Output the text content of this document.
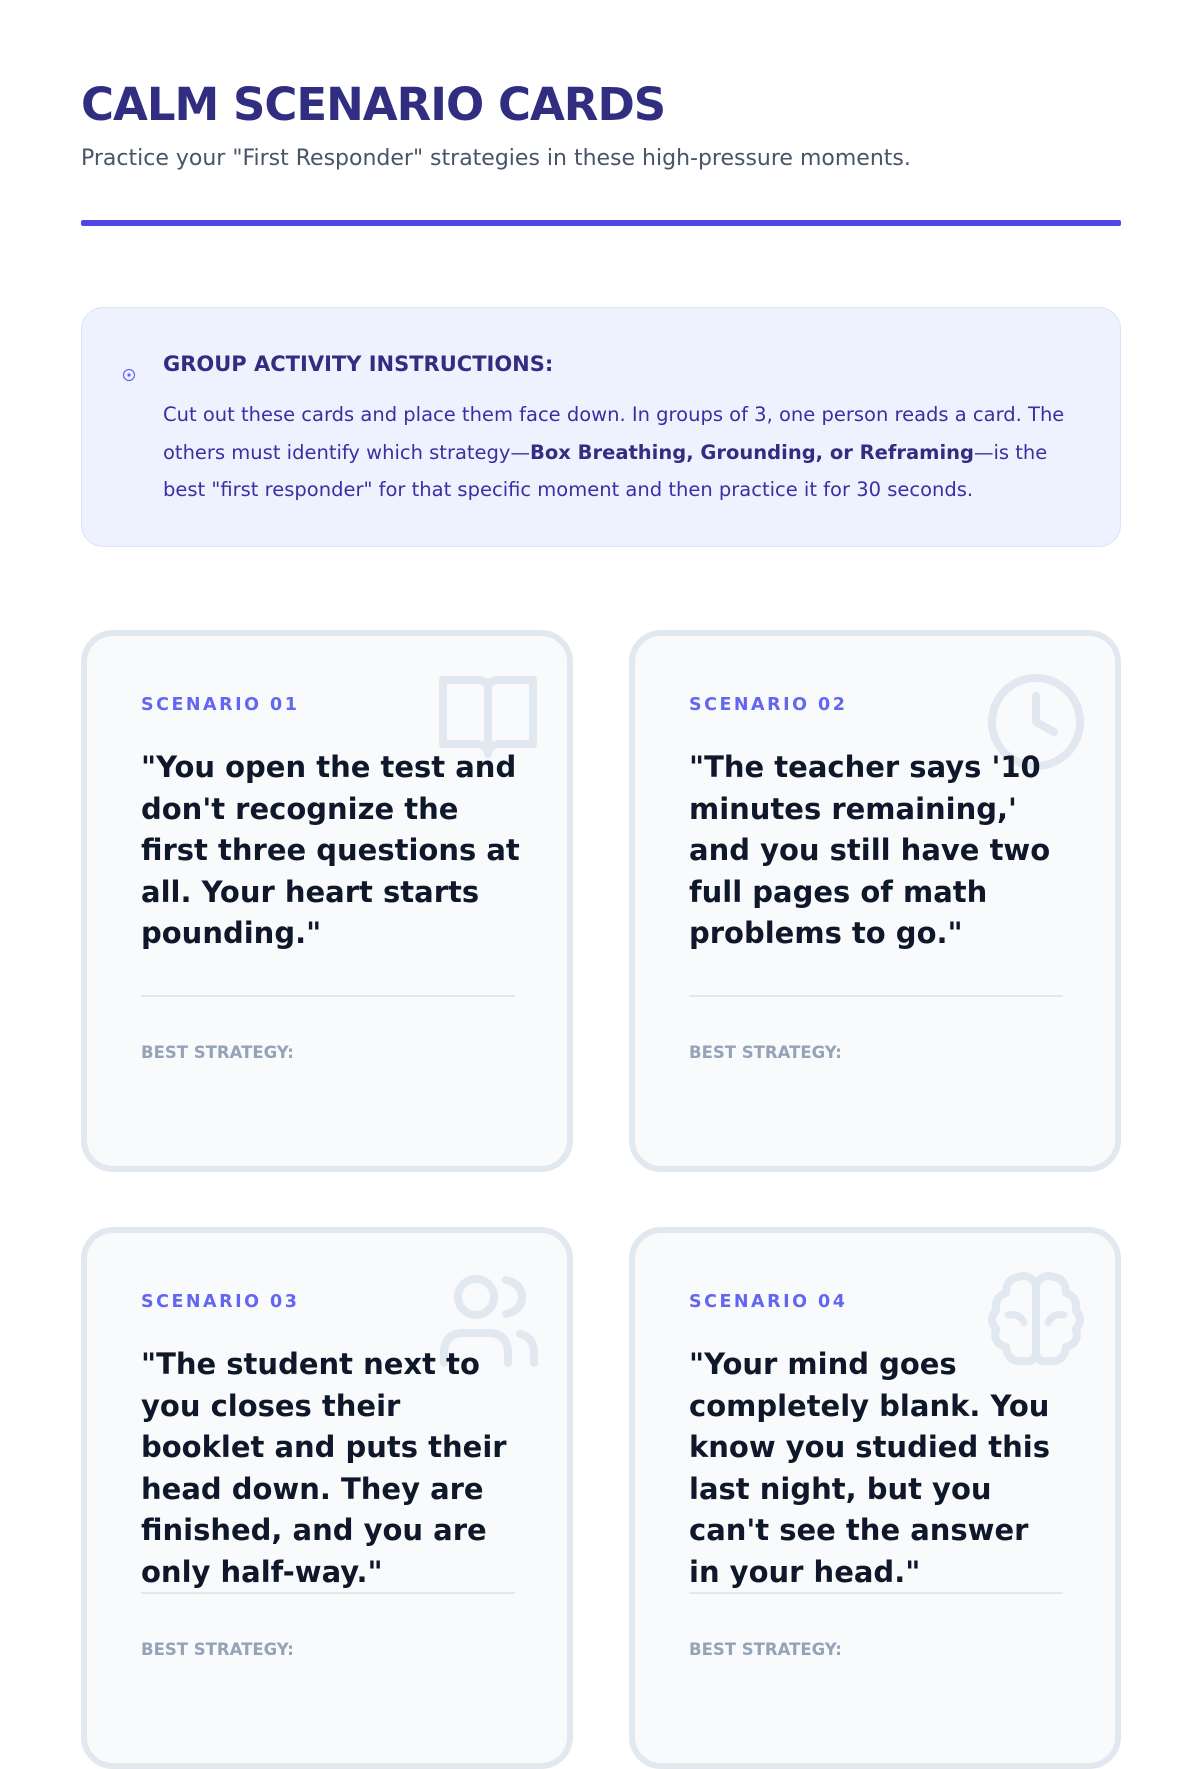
CALM SCENARIO CARDS
Practice your "First Responder" strategies in these high-pressure moments.
GROUP ACTIVITY INSTRUCTIONS:
Cut out these cards and place them face down. In groups of 3, one person reads a card. The others must identify which strategy—Box Breathing, Grounding, or Reframing—is the best "first responder" for that specific moment and then practice it for 30 seconds.
SCENARIO 01
"You open the test and don't recognize the first three questions at all. Your heart starts pounding."
BEST STRATEGY:
SCENARIO 02
"The teacher says '10 minutes remaining,' and you still have two full pages of math problems to go."
BEST STRATEGY:
SCENARIO 03
"The student next to you closes their booklet and puts their head down. They are finished, and you are only half-way."
BEST STRATEGY:
SCENARIO 04
"Your mind goes completely blank. You know you studied this last night, but you can't see the answer in your head."
BEST STRATEGY:
